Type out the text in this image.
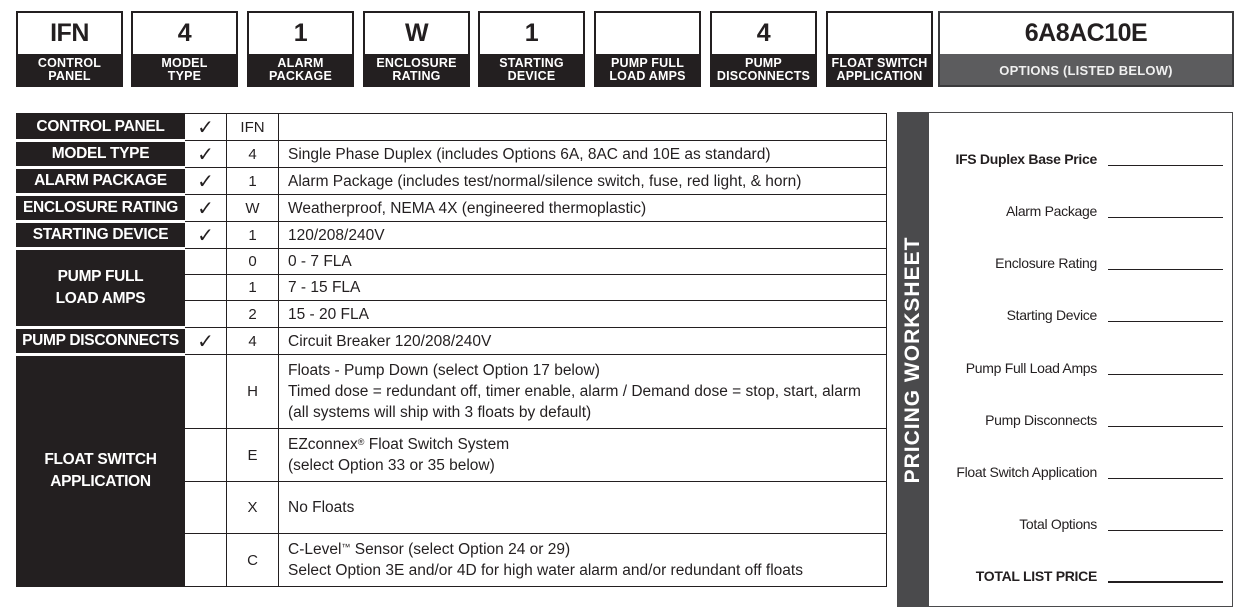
IFN
CONTROL
PANEL
4
MODEL
TYPE
1
ALARM
PACKAGE
W
ENCLOSURE
RATING
1
STARTING
DEVICE
PUMP FULL
LOAD AMPS
4
PUMP
DISCONNECTS
FLOAT SWITCH
APPLICATION
6A8AC10E
OPTIONS (LISTED BELOW)
CONTROL PANEL	✓	IFN	
MODEL TYPE	✓	4	Single Phase Duplex (includes Options 6A, 8AC and 10E as standard)
ALARM PACKAGE	✓	1	Alarm Package (includes test/normal/silence switch, fuse, red light, & horn)
ENCLOSURE RATING	✓	W	Weatherproof, NEMA 4X (engineered thermoplastic)
STARTING DEVICE	✓	1	120/208/240V
PUMP FULL
LOAD AMPS		0	0 - 7 FLA
		1	7 - 15 FLA
		2	15 - 20 FLA
PUMP DISCONNECTS	✓	4	Circuit Breaker 120/208/240V
FLOAT SWITCH
APPLICATION		H	Floats - Pump Down (select Option 17 below)
Timed dose = redundant off, timer enable, alarm / Demand dose = stop, start, alarm
(all systems will ship with 3 floats by default)
		E	EZconnex® Float Switch System
(select Option 33 or 35 below)
		X	No Floats
		C	C-Level™ Sensor (select Option 24 or 29)
Select Option 3E and/or 4D for high water alarm and/or redundant off floats
PRICING WORKSHEET
IFS Duplex Base Price
Alarm Package
Enclosure Rating
Starting Device
Pump Full Load Amps
Pump Disconnects
Float Switch Application
Total Options
TOTAL LIST PRICE
